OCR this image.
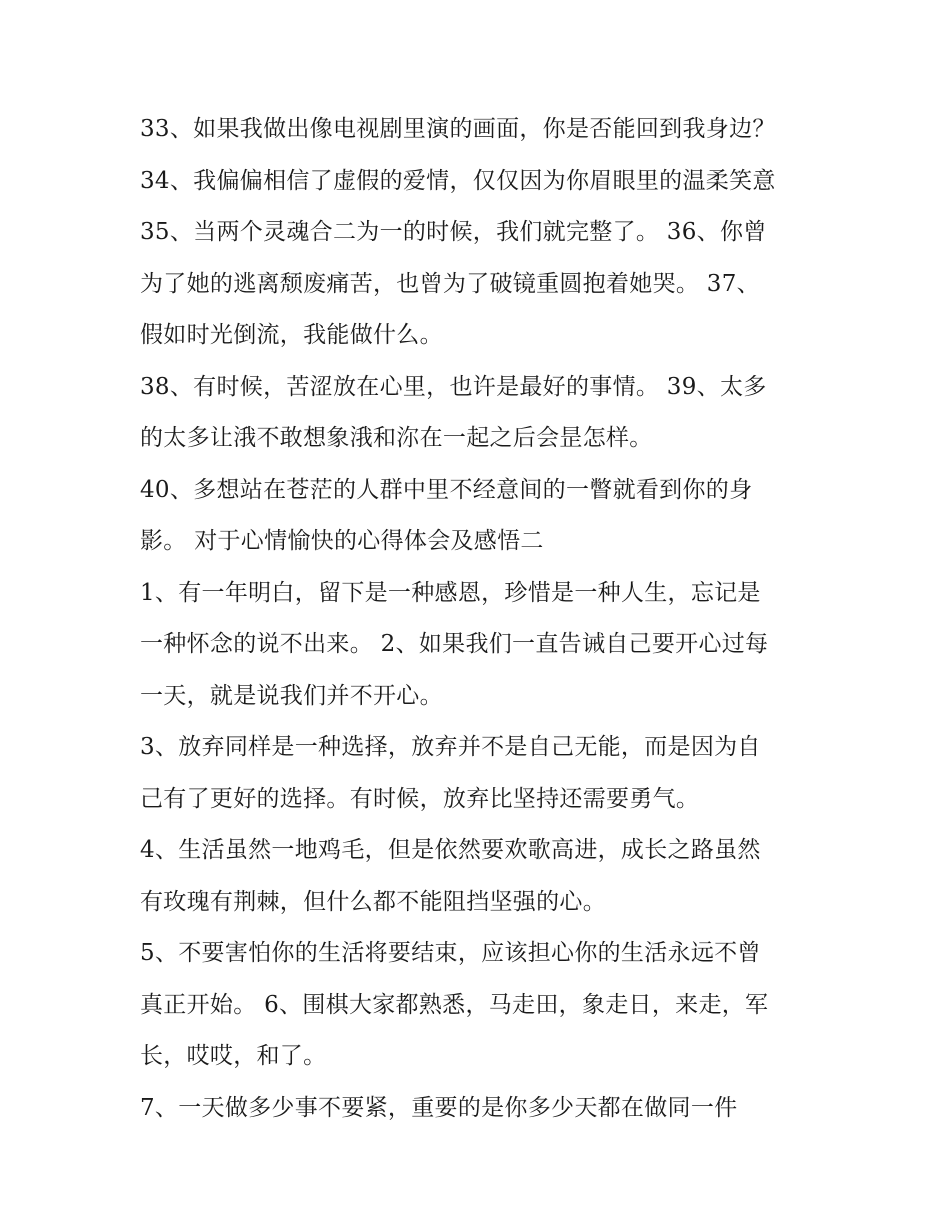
33、如果我做出像电视剧里演的画面，你是否能回到我身边？
34、我偏偏相信了虚假的爱情，仅仅因为你眉眼里的温柔笑意
35、当两个灵魂合二为一的时候，我们就完整了。 36、你曾
为了她的逃离颓废痛苦，也曾为了破镜重圆抱着她哭。 37、
假如时光倒流，我能做什么。
38、有时候，苦涩放在心里，也许是最好的事情。 39、太多
的太多让涐不敢想象涐和沵在一起之后会昰怎样。
40、多想站在苍茫的人群中里不经意间的一瞥就看到你的身
影。 对于心情愉快的心得体会及感悟二
1、有一年明白，留下是一种感恩，珍惜是一种人生，忘记是
一种怀念的说不出来。 2、如果我们一直告诫自己要开心过每
一天，就是说我们并不开心。
3、放弃同样是一种选择，放弃并不是自己无能，而是因为自
己有了更好的选择。有时候，放弃比坚持还需要勇气。
4、生活虽然一地鸡毛，但是依然要欢歌高进，成长之路虽然
有玫瑰有荆棘，但什么都不能阻挡坚强的心。
5、不要害怕你的生活将要结束，应该担心你的生活永远不曾
真正开始。 6、围棋大家都熟悉，马走田，象走日，来走，军
长，哎哎，和了。
7、一天做多少事不要紧，重要的是你多少天都在做同一件
